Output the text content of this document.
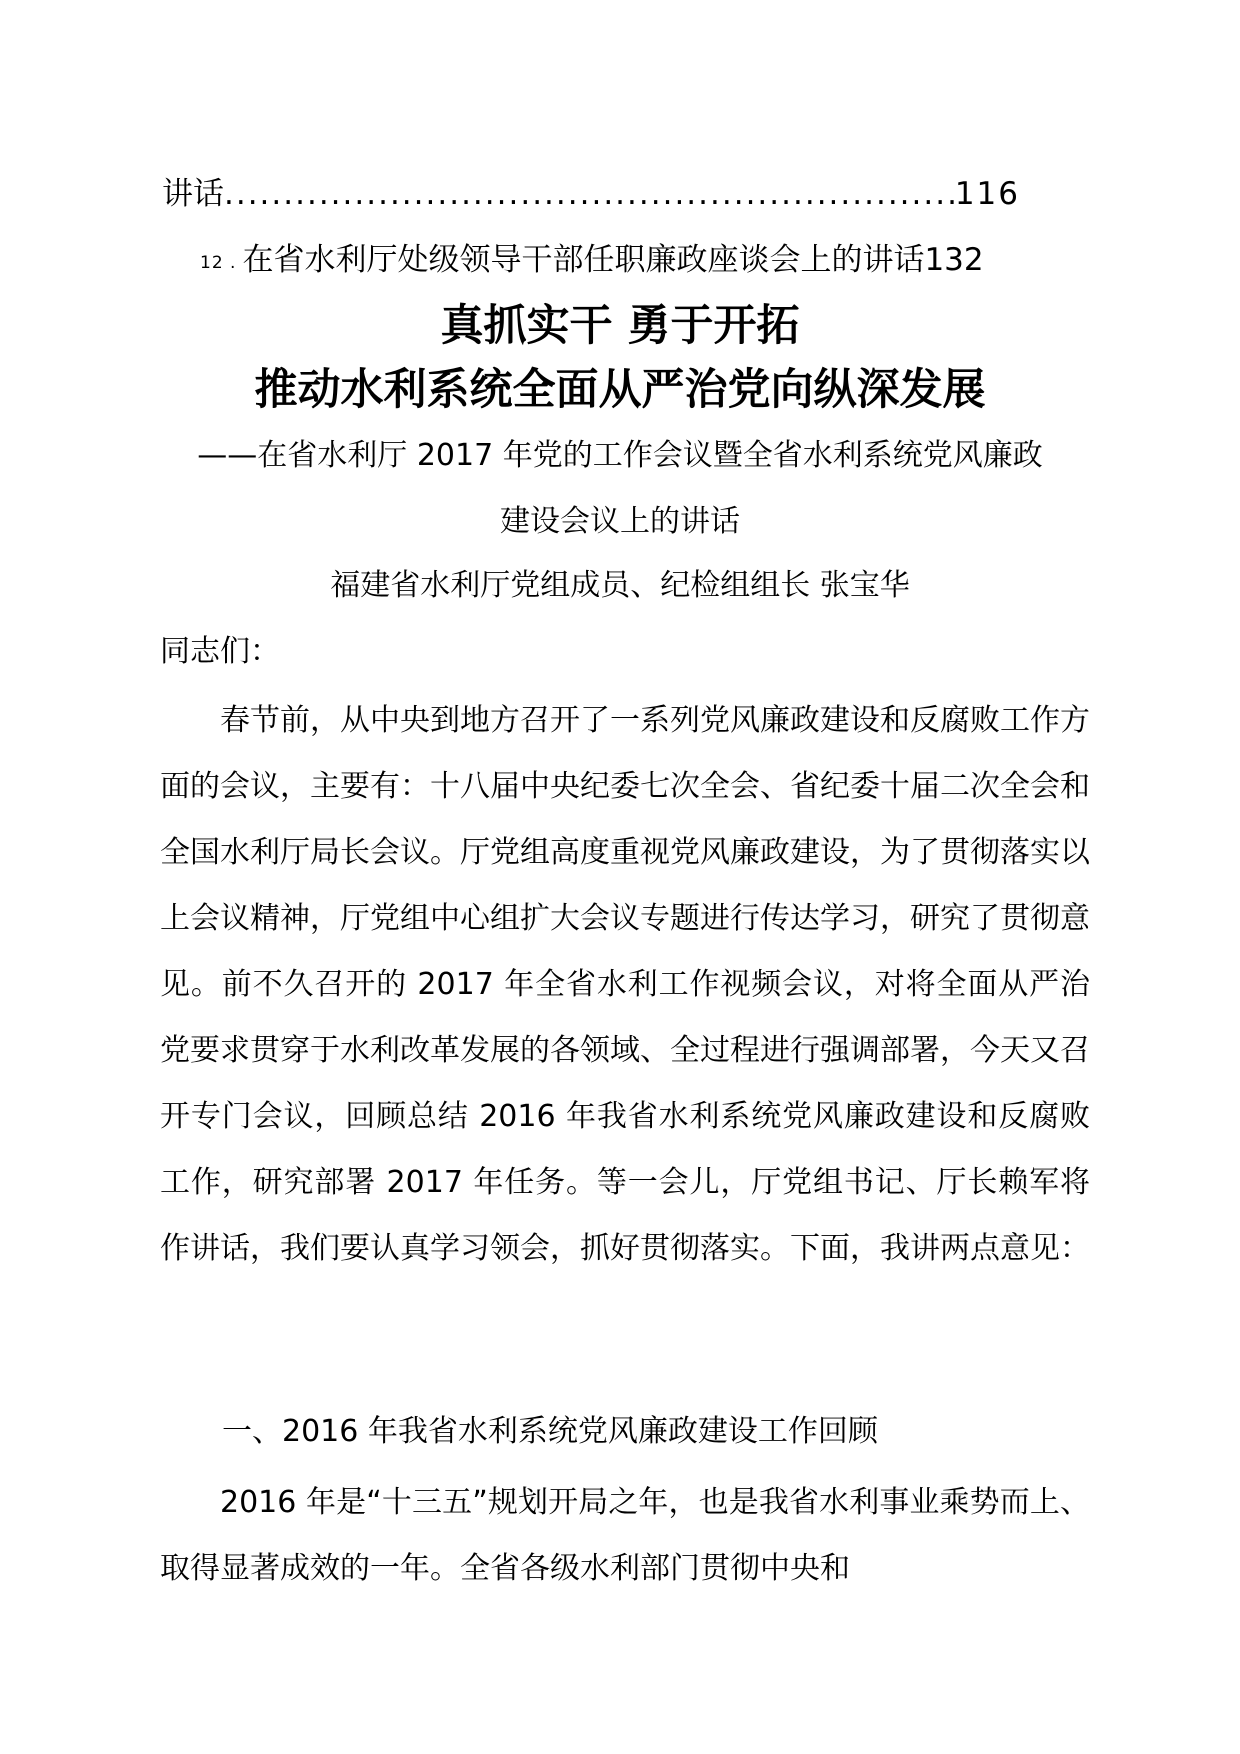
讲话
.....	116
12 . 在省水利厅处级领导干部任职廉政座谈会上的讲话132
真抓实干 勇于开拓
推动水利系统全面从严治党向纵深发展
——在省水利厅 2017 年党的工作会议暨全省水利系统党风廉政
建设会议上的讲话
福建省水利厅党组成员、纪检组组长 张宝华
同志们：

春节前，从中央到地方召开了一系列党风廉政建设和反腐败工作方面的会议，主要有：十八届中央纪委七次全会、省纪委十届二次全会和全国水利厅局长会议。厅党组高度重视党风廉政建设，为了贯彻落实以上会议精神，厅党组中心组扩大会议专题进行传达学习，研究了贯彻意见。前不久召开的 2017 年全省水利工作视频会议，对将全面从严治党要求贯穿于水利改革发展的各领域、全过程进行强调部署，今天又召开专门会议，回顾总结 2016 年我省水利系统党风廉政建设和反腐败工作，研究部署 2017 年任务。等一会儿，厅党组书记、厅长赖军将作讲话，我们要认真学习领会，抓好贯彻落实。下面，我讲两点意见：

一、2016 年我省水利系统党风廉政建设工作回顾

2016 年是“十三五”规划开局之年，也是我省水利事业乘势而上、取得显著成效的一年。全省各级水利部门贯彻中央和
